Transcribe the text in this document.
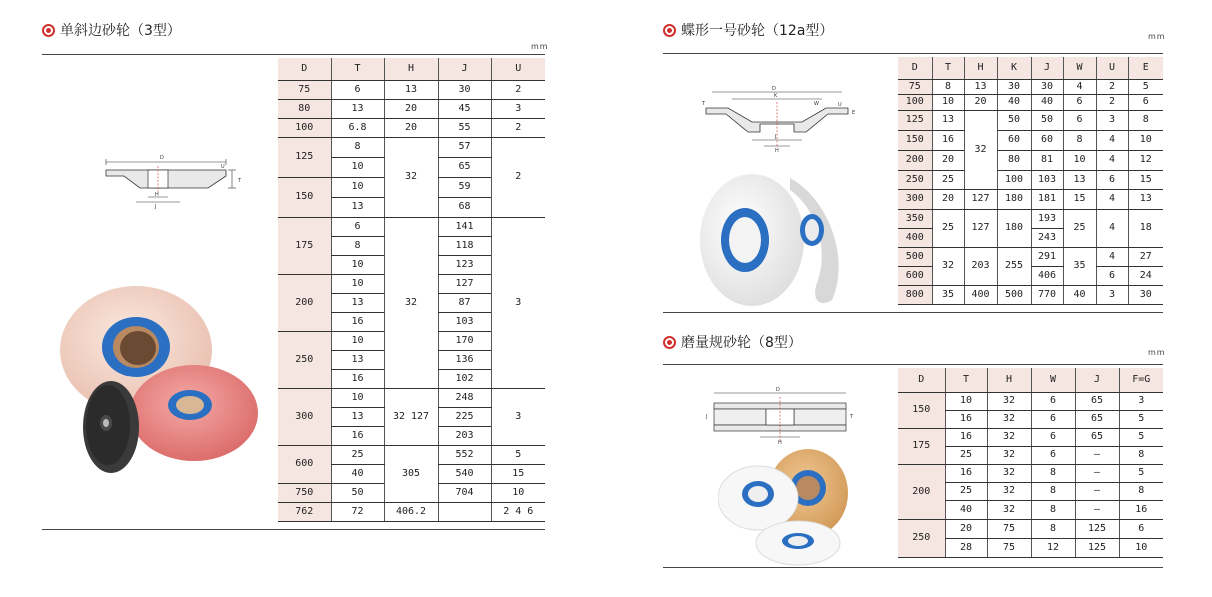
单斜边砂轮（3型）
mm
D
T
U
H
J
D	T	H	J	U
75	6	13	30	2
80	13	20	45	3
100	6.8	20	55	2
125	8	32	57	2
	10		65	
150	10		59	
	13		68	
175	6	32	141	3
	8		118	
	10		123	
200	10		127	
	13		87	
	16		103	
250	10		170	
	13		136	
	16		102	
300	10	32 127	248	3
	13		225	
	16		203	
600	25	305	552	5
	40		540	15
750	50		704	10
762	72	406.2		2 4 6
蝶形一号砂轮（12a型）	mm
D
K
J
H
W
E
T	U
D	T	H	K	J	W	U	E
75	8	13	30	30	4	2	5
100	10	20	40	40	6	2	6
125	13	32	50	50	6	3	8
150	16		60	60	8	4	10
200	20		80	81	10	4	12
250	25		100	103	13	6	15
300	20	127	180	181	15	4	13
350	25	127	180	193	25	4	18
400				243			
500	32	203	255	291	35	4	27
600				406		6	24
800	35	400	500	770	40	3	30
磨量规砂轮（8型）
mm
D
H
T
J
D	T	H	W	J	F=G
150	10	32	6	65	3
	16	32	6	65	5
175	16	32	6	65	5
	25	32	6	–	8
200	16	32	8	–	5
	25	32	8	–	8
	40	32	8	–	16
250	20	75	8	125	6
	28	75	12	125	10
